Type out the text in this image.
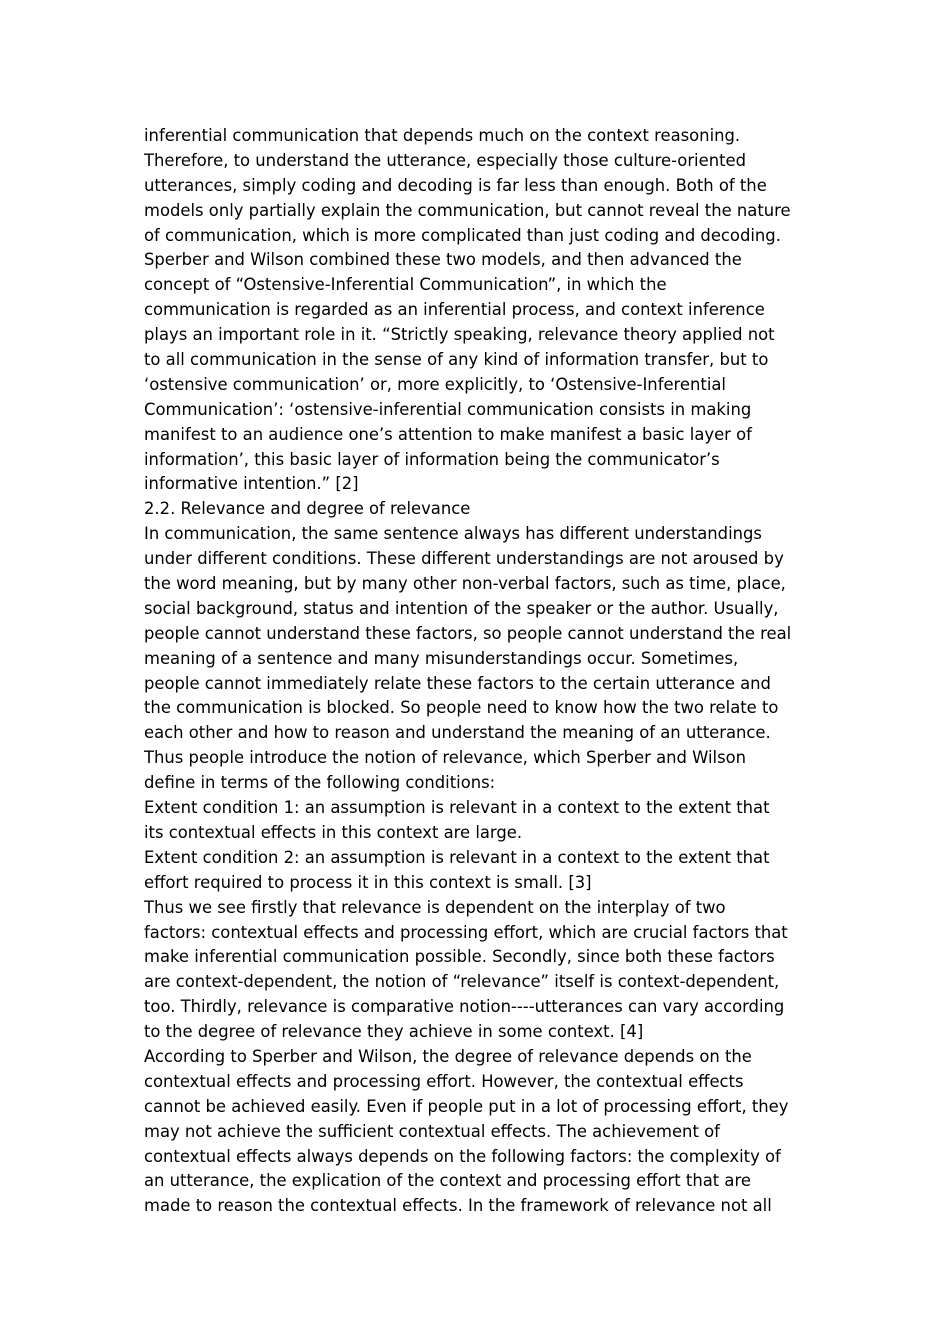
inferential communication that depends much on the context reasoning.
Therefore, to understand the utterance, especially those culture-oriented
utterances, simply coding and decoding is far less than enough. Both of the
models only partially explain the communication, but cannot reveal the nature
of communication, which is more complicated than just coding and decoding.
Sperber and Wilson combined these two models, and then advanced the
concept of “Ostensive-Inferential Communication”, in which the
communication is regarded as an inferential process, and context inference
plays an important role in it. “Strictly speaking, relevance theory applied not
to all communication in the sense of any kind of information transfer, but to
‘ostensive communication’ or, more explicitly, to ‘Ostensive-Inferential
Communication’: ‘ostensive-inferential communication consists in making
manifest to an audience one’s attention to make manifest a basic layer of
information’, this basic layer of information being the communicator’s
informative intention.” [2]
2.2. Relevance and degree of relevance
In communication, the same sentence always has different understandings
under different conditions. These different understandings are not aroused by
the word meaning, but by many other non-verbal factors, such as time, place,
social background, status and intention of the speaker or the author. Usually,
people cannot understand these factors, so people cannot understand the real
meaning of a sentence and many misunderstandings occur. Sometimes,
people cannot immediately relate these factors to the certain utterance and
the communication is blocked. So people need to know how the two relate to
each other and how to reason and understand the meaning of an utterance.
Thus people introduce the notion of relevance, which Sperber and Wilson
define in terms of the following conditions:
Extent condition 1: an assumption is relevant in a context to the extent that
its contextual effects in this context are large.
Extent condition 2: an assumption is relevant in a context to the extent that
effort required to process it in this context is small. [3]
Thus we see firstly that relevance is dependent on the interplay of two
factors: contextual effects and processing effort, which are crucial factors that
make inferential communication possible. Secondly, since both these factors
are context-dependent, the notion of “relevance” itself is context-dependent,
too. Thirdly, relevance is comparative notion----utterances can vary according
to the degree of relevance they achieve in some context. [4]
According to Sperber and Wilson, the degree of relevance depends on the
contextual effects and processing effort. However, the contextual effects
cannot be achieved easily. Even if people put in a lot of processing effort, they
may not achieve the sufficient contextual effects. The achievement of
contextual effects always depends on the following factors: the complexity of
an utterance, the explication of the context and processing effort that are
made to reason the contextual effects. In the framework of relevance not all
